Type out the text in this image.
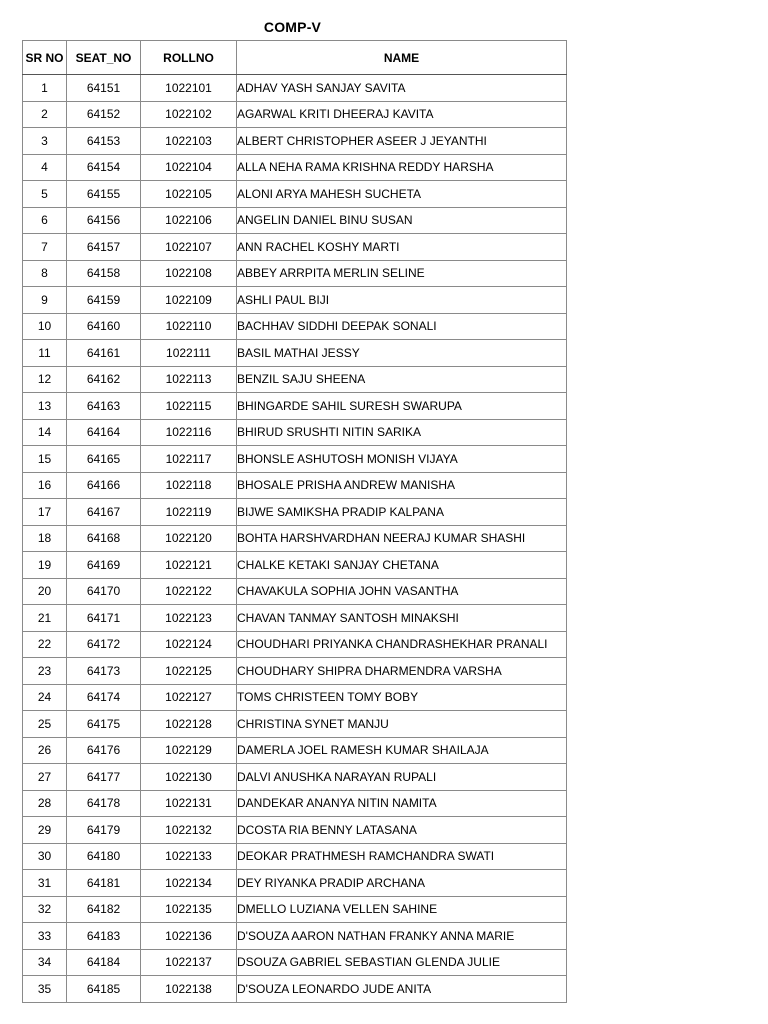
COMP-V
SR NO	SEAT_NO	ROLLNO	NAME
1	64151	1022101	ADHAV YASH SANJAY SAVITA
2	64152	1022102	AGARWAL KRITI DHEERAJ KAVITA
3	64153	1022103	ALBERT CHRISTOPHER ASEER J JEYANTHI
4	64154	1022104	ALLA NEHA RAMA KRISHNA REDDY HARSHA
5	64155	1022105	ALONI ARYA MAHESH SUCHETA
6	64156	1022106	ANGELIN DANIEL BINU SUSAN
7	64157	1022107	ANN RACHEL KOSHY MARTI
8	64158	1022108	ABBEY ARRPITA MERLIN SELINE
9	64159	1022109	ASHLI PAUL BIJI
10	64160	1022110	BACHHAV SIDDHI DEEPAK SONALI
11	64161	1022111	BASIL MATHAI JESSY
12	64162	1022113	BENZIL SAJU SHEENA
13	64163	1022115	BHINGARDE SAHIL SURESH SWARUPA
14	64164	1022116	BHIRUD SRUSHTI NITIN SARIKA
15	64165	1022117	BHONSLE ASHUTOSH MONISH VIJAYA
16	64166	1022118	BHOSALE PRISHA ANDREW MANISHA
17	64167	1022119	BIJWE SAMIKSHA PRADIP KALPANA
18	64168	1022120	BOHTA HARSHVARDHAN NEERAJ KUMAR SHASHI
19	64169	1022121	CHALKE KETAKI SANJAY CHETANA
20	64170	1022122	CHAVAKULA SOPHIA JOHN VASANTHA
21	64171	1022123	CHAVAN TANMAY SANTOSH MINAKSHI
22	64172	1022124	CHOUDHARI PRIYANKA CHANDRASHEKHAR PRANALI
23	64173	1022125	CHOUDHARY SHIPRA DHARMENDRA VARSHA
24	64174	1022127	TOMS CHRISTEEN TOMY BOBY
25	64175	1022128	CHRISTINA SYNET MANJU
26	64176	1022129	DAMERLA JOEL RAMESH KUMAR SHAILAJA
27	64177	1022130	DALVI ANUSHKA NARAYAN RUPALI
28	64178	1022131	DANDEKAR ANANYA NITIN NAMITA
29	64179	1022132	DCOSTA RIA BENNY LATASANA
30	64180	1022133	DEOKAR PRATHMESH RAMCHANDRA SWATI
31	64181	1022134	DEY RIYANKA PRADIP ARCHANA
32	64182	1022135	DMELLO LUZIANA VELLEN SAHINE
33	64183	1022136	D'SOUZA AARON NATHAN FRANKY ANNA MARIE
34	64184	1022137	DSOUZA GABRIEL SEBASTIAN GLENDA JULIE
35	64185	1022138	D'SOUZA LEONARDO JUDE ANITA
